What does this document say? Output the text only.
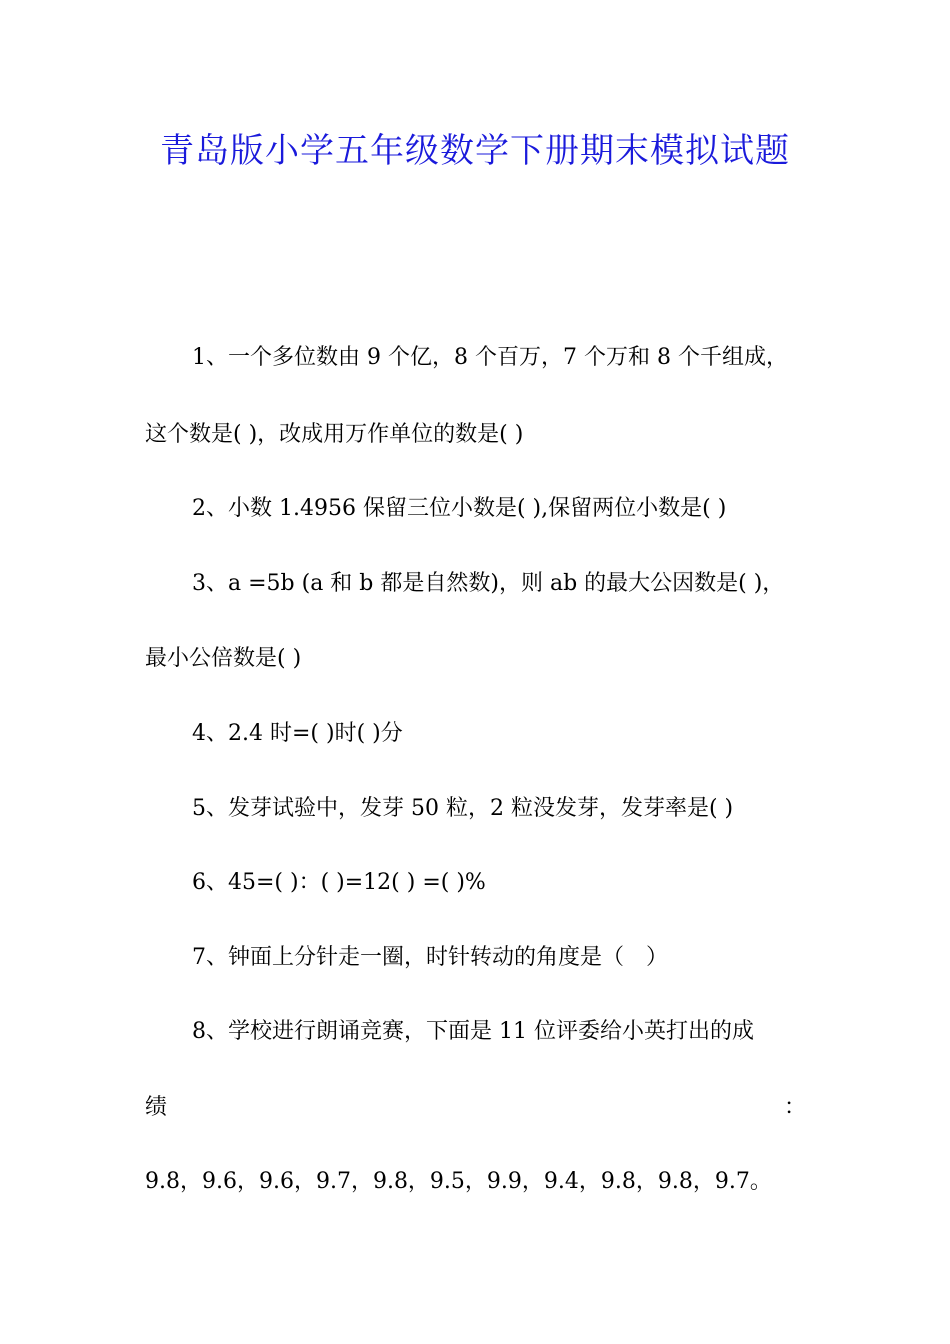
青岛版小学五年级数学下册期末模拟试题
1、一个多位数由 9 个亿，8 个百万，7 个万和 8 个千组成，
这个数是( )，改成用万作单位的数是( )
2、小数 1.4956 保留三位小数是( ),保留两位小数是( )
3、a =5b (a 和 b 都是自然数)，则 ab 的最大公因数是( )，
最小公倍数是( )
4、2.4 时=( )时( )分
5、发芽试验中，发芽 50 粒，2 粒没发芽，发芽率是( )
6、45=( )：( )=12( ) =( )%
7、钟面上分针走一圈，时针转动的角度是（　）
8、学校进行朗诵竞赛，下面是 11 位评委给小英打出的成
绩	：
9.8，9.6，9.6，9.7，9.8，9.5，9.9，9.4，9.8，9.8，9.7。
